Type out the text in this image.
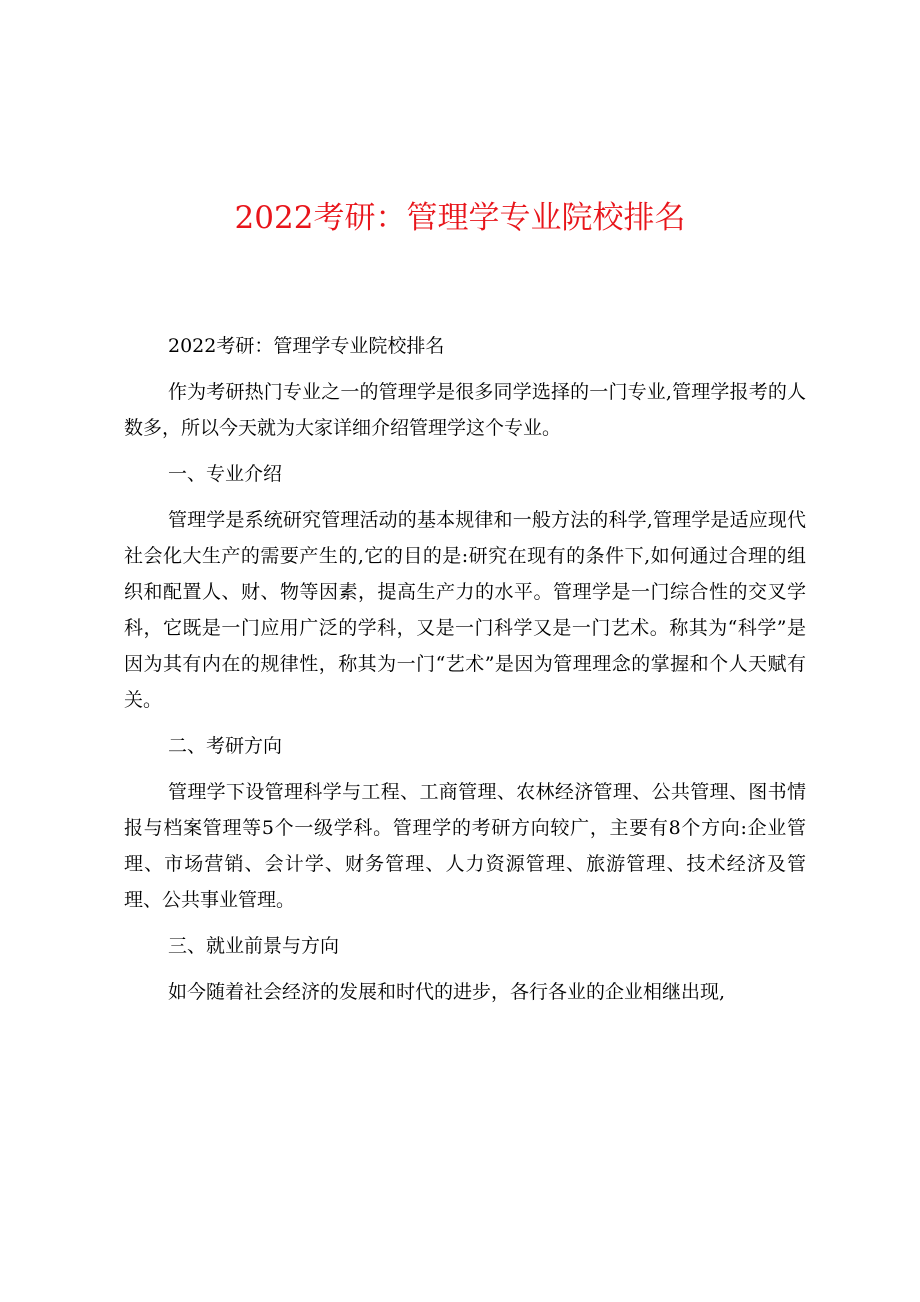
2022考研：管理学专业院校排名

2022考研：管理学专业院校排名

作为考研热门专业之一的管理学是很多同学选择的一门专业,管理学报考的人数多，所以今天就为大家详细介绍管理学这个专业。

一、专业介绍

管理学是系统研究管理活动的基本规律和一般方法的科学,管理学是适应现代社会化大生产的需要产生的,它的目的是:研究在现有的条件下,如何通过合理的组织和配置人、财、物等因素，提高生产力的水平。管理学是一门综合性的交叉学科，它既是一门应用广泛的学科，又是一门科学又是一门艺术。称其为“科学”是因为其有内在的规律性，称其为一门“艺术”是因为管理理念的掌握和个人天赋有关。

二、考研方向

管理学下设管理科学与工程、工商管理、农林经济管理、公共管理、图书情报与档案管理等5个一级学科。管理学的考研方向较广，主要有8个方向:企业管理、市场营销、会计学、财务管理、人力资源管理、旅游管理、技术经济及管理、公共事业管理。

三、就业前景与方向

如今随着社会经济的发展和时代的进步，各行各业的企业相继出现,
